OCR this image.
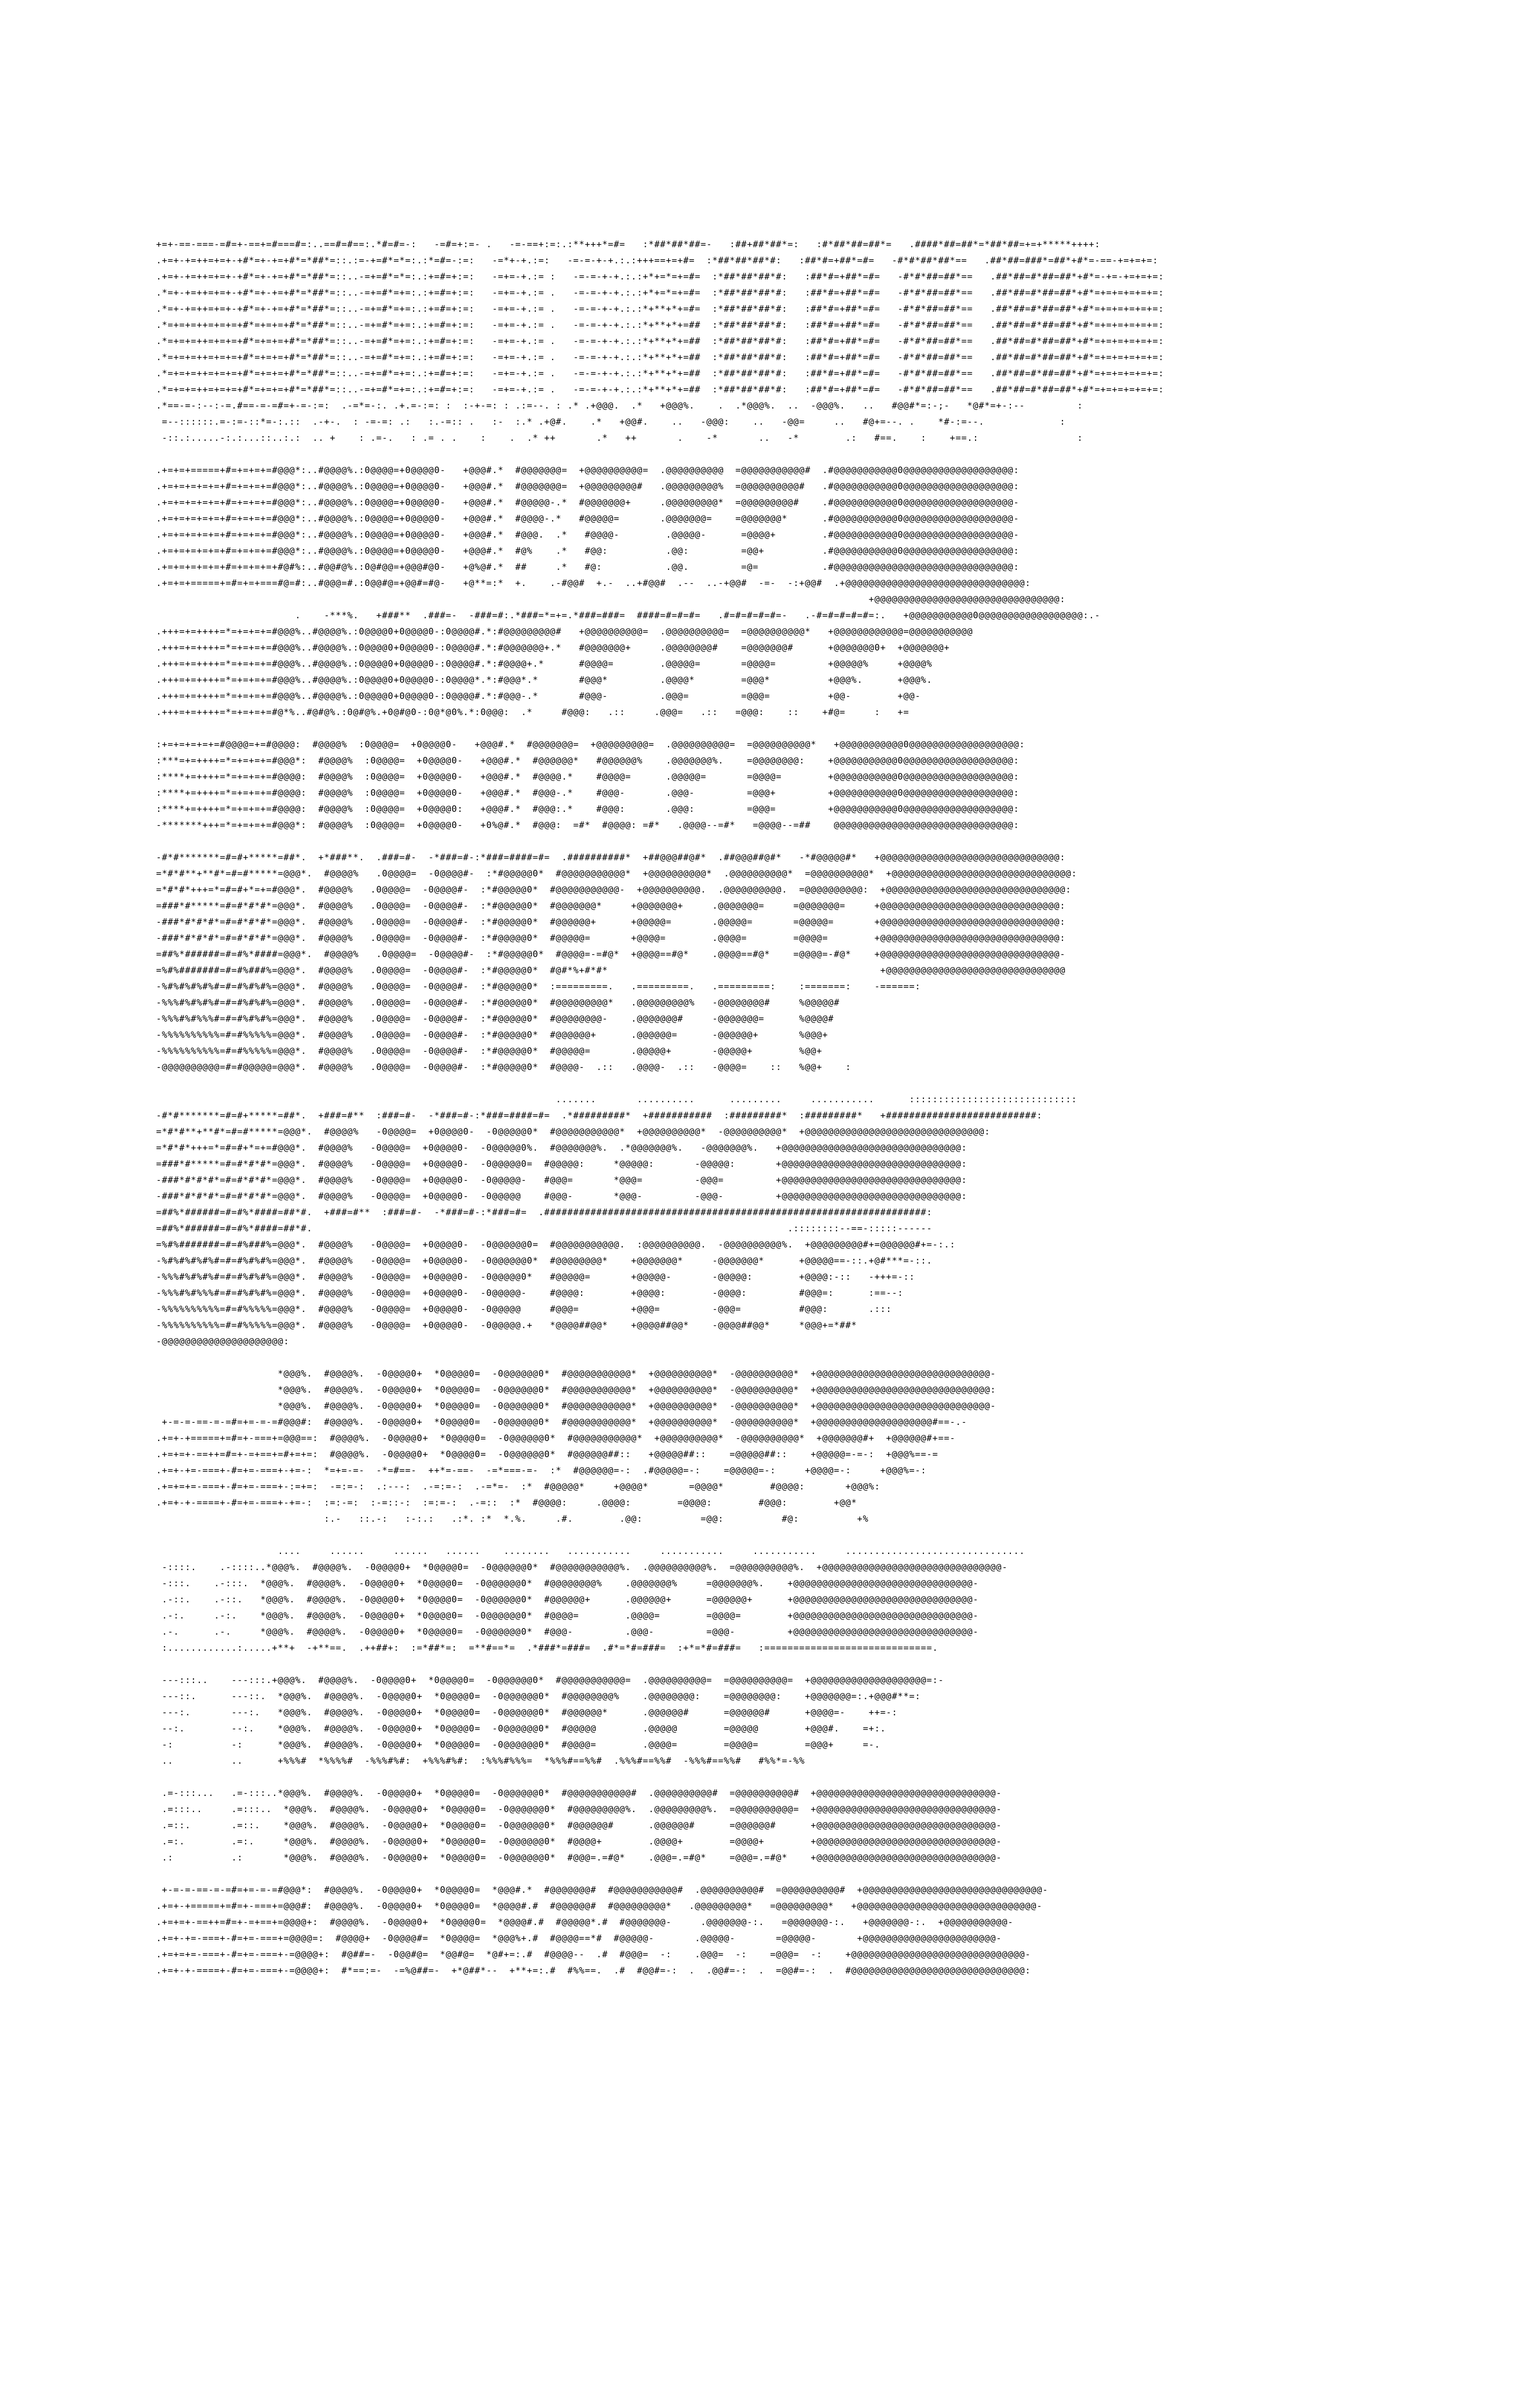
+=+-==-===-=#=+-==+=#===#=:..==#=#==:.*#=#=-:   -=#=+:=- .   -=-==+:=:.:**+++*=#=   :*##*##*##=-   :##+##*##*=:   :#*##*##=##*=   .####*##=##*=*##*##=+=+*****++++:
.+=+-+=++=+=+-+#*=+-+=+#*=*##*=::.:=-+=#*=*=:.:*=#=-:=:   -=*+-+.:=:   -=-=-+-+.:.:+++==+=+#=  :*##*##*##*#:   :##*#=+##*=#=   -#*#*##*##*==   .##*##=###*=##*+#*=-==-+=+=+=:
.+=+-+=++=+=+-+#*=+-+=+#*=*##*=::..-=+=#*=*=:.:+=#=+:=:   -=+=-+.:= :   -=-=-+-+.:.:+*+=*=+=#=  :*##*##*##*#:   :##*#=+##*=#=   -#*#*##=##*==   .##*##=#*##=##*+#*=-+=-+=+=+=:
.*=+-+=++=+=+-+#*=+-+=+#*=*##*=::..-=+=#*=+=:.:+=#=+:=:   -=+=-+.:= .   -=-=-+-+.:.:+*+=*=+=#=  :*##*##*##*#:   :##*#=+##*=#=   -#*#*##=##*==   .##*##=#*##=##*+#*=+=+=+=+=+=:
.*=+-+=++=+=+-+#*=+-+=+#*=*##*=::..-=+=#*=+=:.:+=#=+:=:   -=+=-+.:= .   -=-=-+-+.:.:*+**+*+=#=  :*##*##*##*#:   :##*#=+##*=#=   -#*#*##=##*==   .##*##=#*##=##*+#*=+=+=+=+=+=:
.*=+=+=++=+=+=+#*=+=+=+#*=*##*=::..-=+=#*=+=:.:+=#=+:=:   -=+=-+.:= .   -=-=-+-+.:.:*+**+*+=##  :*##*##*##*#:   :##*#=+##*=#=   -#*#*##=##*==   .##*##=#*##=##*+#*=+=+=+=+=+=:
.*=+=+=++=+=+=+#*=+=+=+#*=*##*=::..-=+=#*=+=:.:+=#=+:=:   -=+=-+.:= .   -=-=-+-+.:.:*+**+*+=##  :*##*##*##*#:   :##*#=+##*=#=   -#*#*##=##*==   .##*##=#*##=##*+#*=+=+=+=+=+=:
.*=+=+=++=+=+=+#*=+=+=+#*=*##*=::..-=+=#*=+=:.:+=#=+:=:   -=+=-+.:= .   -=-=-+-+.:.:*+**+*+=##  :*##*##*##*#:   :##*#=+##*=#=   -#*#*##=##*==   .##*##=#*##=##*+#*=+=+=+=+=+=:
.*=+=+=++=+=+=+#*=+=+=+#*=*##*=::..-=+=#*=+=:.:+=#=+:=:   -=+=-+.:= .   -=-=-+-+.:.:*+**+*+=##  :*##*##*##*#:   :##*#=+##*=#=   -#*#*##=##*==   .##*##=#*##=##*+#*=+=+=+=+=+=:
.*=+=+=++=+=+=+#*=+=+=+#*=*##*=::..-=+=#*=+=:.:+=#=+:=:   -=+=-+.:= .   -=-=-+-+.:.:*+**+*+=##  :*##*##*##*#:   :##*#=+##*=#=   -#*#*##=##*==   .##*##=#*##=##*+#*=+=+=+=+=+=:
.*==-=-:--:-=.#==-=-=#=+-=-:=:  .-=*=-:. .+.=-:=: :  :-+-=: : .:=--. : .* .+@@@.  .*   +@@@%.    .  .*@@@%.  ..  -@@@%.   ..   #@@#*=:-;-   *@#*=+-:--         :
=--::::::.=-:=-::*=-:.::  .-+-.  : -=-=: .:   :.-=:: .   :-  :.* .+@#.    .*   +@@#.    ..   -@@@:    ..   -@@=     ..   #@+=--. .    *#-:=--.             :
-::.:.....-:.:...::..:.:  .. +    : .=-.   : .= . .    :    .  .* ++       .*   ++       .    -*       ..   -*        .:   #==.    :    +==.:                 :
.+=+=+=====+#=+=+=+=#@@@*:..#@@@@%.:0@@@@=+0@@@@0-   +@@@#.*  #@@@@@@@=  +@@@@@@@@@@=  .@@@@@@@@@@  =@@@@@@@@@@@#  .#@@@@@@@@@@@0@@@@@@@@@@@@@@@@@@@:
.+=+=+=+=+=+#=+=+=+=#@@@*:..#@@@@%.:0@@@@=+0@@@@0-   +@@@#.*  #@@@@@@@=  +@@@@@@@@@#   .@@@@@@@@@%  =@@@@@@@@@@#   .#@@@@@@@@@@@0@@@@@@@@@@@@@@@@@@@:
.+=+=+=+=+=+#=+=+=+=#@@@*:..#@@@@%.:0@@@@=+0@@@@0-   +@@@#.*  #@@@@@-.*  #@@@@@@@+     .@@@@@@@@@*  =@@@@@@@@@#    .#@@@@@@@@@@@0@@@@@@@@@@@@@@@@@@@-
.+=+=+=+=+=+#=+=+=+=#@@@*:..#@@@@%.:0@@@@=+0@@@@0-   +@@@#.*  #@@@@-.*   #@@@@@=       .@@@@@@@=    =@@@@@@@*      .#@@@@@@@@@@@0@@@@@@@@@@@@@@@@@@@-
.+=+=+=+=+=+#=+=+=+=#@@@*:..#@@@@%.:0@@@@=+0@@@@0-   +@@@#.*  #@@@.  .*   #@@@@-        .@@@@@-      =@@@@+        .#@@@@@@@@@@@0@@@@@@@@@@@@@@@@@@@-
.+=+=+=+=+=+#=+=+=+=#@@@*:..#@@@@%.:0@@@@=+0@@@@0-   +@@@#.*  #@%    .*   #@@:          .@@:         =@@+          .#@@@@@@@@@@@0@@@@@@@@@@@@@@@@@@@:
.+=+=+=+=+=+#=+=+=+=+#@#%:..#@@#@%.:0@#@@=+@@@#@0-   +@%@#.*  ##     .*   #@:           .@@.         =@=           .#@@@@@@@@@@@@@@@@@@@@@@@@@@@@@@@:
.+=+=+=====+=#=+=+===#@=#:..#@@@=#.:0@@#@=+@@#=#@-   +@**=:*  +.    .-#@@#  +.-  ..+#@@#  .--  ..-+@@#  -=-  -:+@@#  .+@@@@@@@@@@@@@@@@@@@@@@@@@@@@@@@:
+@@@@@@@@@@@@@@@@@@@@@@@@@@@@@@@@:
.    -***%.   +###**  .###=-  -###=#:.*###=*=+=.*###=###=  ####=#=#=#=   .#=#=#=#=#=-   .-#=#=#=#=#=:.   +@@@@@@@@@@@0@@@@@@@@@@@@@@@@@@:.-
.+++=+=++++=*=+=+=+=#@@@%..#@@@@%.:0@@@@0+0@@@@0-:0@@@@#.*:#@@@@@@@@@#   +@@@@@@@@@@=  .@@@@@@@@@@=  =@@@@@@@@@@*   +@@@@@@@@@@@@=@@@@@@@@@@@
.+++=+=++++=*=+=+=+=#@@@%..#@@@@%.:0@@@@0+0@@@@0-:0@@@@#.*:#@@@@@@@+.*   #@@@@@@@+     .@@@@@@@@#    =@@@@@@@#      +@@@@@@@0+  +@@@@@@@+
.+++=+=++++=*=+=+=+=#@@@%..#@@@@%.:0@@@@0+0@@@@0-:0@@@@#.*:#@@@@+.*      #@@@@=        .@@@@@=       =@@@@=         +@@@@@%     +@@@@%
.+++=+=++++=*=+=+=+=#@@@%..#@@@@%.:0@@@@0+0@@@@0-:0@@@@*.*:#@@@*.*       #@@@*         .@@@@*        =@@@*          +@@@%.      +@@@%.
.+++=+=++++=*=+=+=+=#@@@%..#@@@@%.:0@@@@0+0@@@@0-:0@@@@#.*:#@@@-.*       #@@@-         .@@@=         =@@@=          +@@-        +@@-
.+++=+=++++=*=+=+=+=#@*%..#@#@%.:0@#@%.+0@#@0-:0@*@0%.*:0@@@:  .*     #@@@:   .::     .@@@=   .::   =@@@:    ::    +#@=     :   +=
:+=+=+=+=+=#@@@@=+=#@@@@:  #@@@@%  :0@@@@=  +0@@@@0-   +@@@#.*  #@@@@@@@=  +@@@@@@@@@=  .@@@@@@@@@@=  =@@@@@@@@@@*   +@@@@@@@@@@@0@@@@@@@@@@@@@@@@@@@:
:***=+=++++=*=+=+=+=#@@@*:  #@@@@%  :0@@@@=  +0@@@@0-   +@@@#.*  #@@@@@@*   #@@@@@@%    .@@@@@@@%.    =@@@@@@@@:    +@@@@@@@@@@@0@@@@@@@@@@@@@@@@@@@:
:****+=++++=*=+=+=+=#@@@@:  #@@@@%  :0@@@@=  +0@@@@0-   +@@@#.*  #@@@@.*    #@@@@=      .@@@@@=       =@@@@=        +@@@@@@@@@@@0@@@@@@@@@@@@@@@@@@@:
:****+=++++=*=+=+=+=#@@@@:  #@@@@%  :0@@@@=  +0@@@@0-   +@@@#.*  #@@@-.*    #@@@-       .@@@-         =@@@+         +@@@@@@@@@@@0@@@@@@@@@@@@@@@@@@@:
:****+=++++=*=+=+=+=#@@@@:  #@@@@%  :0@@@@=  +0@@@@0:   +@@@#.*  #@@@:.*    #@@@:       .@@@:         =@@@=         +@@@@@@@@@@@0@@@@@@@@@@@@@@@@@@@:
-*******+++=*=+=+=+=#@@@*:  #@@@@%  :0@@@@=  +0@@@@0-   +0%@#.*  #@@@:  =#*  #@@@@: =#*   .@@@@--=#*   =@@@@--=##    @@@@@@@@@@@@@@@@@@@@@@@@@@@@@@@:
-#*#*******=#=#+*****=##*.  +*###**.  .###=#-  -*###=#-:*###=####=#=  .##########*  +##@@@##@#*  .##@@@##@#*   -*#@@@@@#*   +@@@@@@@@@@@@@@@@@@@@@@@@@@@@@@@:
=*#*#**+**#*=#=#*****=@@@*.  #@@@@%   .0@@@@=  -0@@@@#-  :*#@@@@@0*  #@@@@@@@@@@@*  +@@@@@@@@@@*  .@@@@@@@@@@*  =@@@@@@@@@@*  +@@@@@@@@@@@@@@@@@@@@@@@@@@@@@@@:
=*#*#*+++=*=#=#+*=+=#@@@*.  #@@@@%   .0@@@@=  -0@@@@#-  :*#@@@@@0*  #@@@@@@@@@@@-  +@@@@@@@@@@.  .@@@@@@@@@@.  =@@@@@@@@@@:  +@@@@@@@@@@@@@@@@@@@@@@@@@@@@@@@:
=###*#*****=#=#*#*#*=@@@*.  #@@@@%   .0@@@@=  -0@@@@#-  :*#@@@@@0*  #@@@@@@@*     +@@@@@@@+     .@@@@@@@=     =@@@@@@@=     +@@@@@@@@@@@@@@@@@@@@@@@@@@@@@@@:
-###*#*#*#*=#=#*#*#*=@@@*.  #@@@@%   .0@@@@=  -0@@@@#-  :*#@@@@@0*  #@@@@@@+      +@@@@@=       .@@@@@=       =@@@@@=       +@@@@@@@@@@@@@@@@@@@@@@@@@@@@@@@:
-###*#*#*#*=#=#*#*#*=@@@*.  #@@@@%   .0@@@@=  -0@@@@#-  :*#@@@@@0*  #@@@@@=       +@@@@=        .@@@@=        =@@@@=        +@@@@@@@@@@@@@@@@@@@@@@@@@@@@@@@:
=##%*######=#=#%*####=@@@*.  #@@@@%   .0@@@@=  -0@@@@#-  :*#@@@@@0*  #@@@@=-=#@*  +@@@@==#@*    .@@@@==#@*    =@@@@=-#@*    +@@@@@@@@@@@@@@@@@@@@@@@@@@@@@@@-
=%#%#######=#=#%###%=@@@*.  #@@@@%   .0@@@@=  -0@@@@#-  :*#@@@@@0*  #@#*%+#*#*                                               +@@@@@@@@@@@@@@@@@@@@@@@@@@@@@@@
-%#%#%#%#%#=#=#%#%#%=@@@*.  #@@@@%   .0@@@@=  -0@@@@#-  :*#@@@@@0*  :=========.   .=========.   .=========:    :=======:    -======:
-%%%#%#%#%#=#=#%#%#%=@@@*.  #@@@@%   .0@@@@=  -0@@@@#-  :*#@@@@@0*  #@@@@@@@@@*   .@@@@@@@@@%   -@@@@@@@@#     %@@@@@#
-%%%#%#%%%#=#=#%#%#%=@@@*.  #@@@@%   .0@@@@=  -0@@@@#-  :*#@@@@@0*  #@@@@@@@@-    .@@@@@@@#     -@@@@@@@=      %@@@@#
-%%%%%%%%%%=#=#%%%%%=@@@*.  #@@@@%   .0@@@@=  -0@@@@#-  :*#@@@@@0*  #@@@@@@+      .@@@@@@=      -@@@@@@+       %@@@+
-%%%%%%%%%%=#=#%%%%%=@@@*.  #@@@@%   .0@@@@=  -0@@@@#-  :*#@@@@@0*  #@@@@@=       .@@@@@+       -@@@@@+        %@@+
-@@@@@@@@@@=#=#@@@@@=@@@*.  #@@@@%   .0@@@@=  -0@@@@#-  :*#@@@@@0*  #@@@@-  .::   .@@@@-  .::   -@@@@=    ::   %@@+    :
.......       ..........      .........     ...........      :::::::::::::::::::::::::::::
-#*#*******=#=#+*****=##*.  +###=#**  :###=#-  -*###=#-:*###=####=#=  .*#########*  +###########  :#########*  :#########*   +##########################:
=*#*#**+**#*=#=#*****=@@@*.  #@@@@%   -0@@@@=  +0@@@@0-  -0@@@@@0*  #@@@@@@@@@@@*  +@@@@@@@@@@*  -@@@@@@@@@@*  +@@@@@@@@@@@@@@@@@@@@@@@@@@@@@@@:
=*#*#*+++=*=#=#+*=+=#@@@*.  #@@@@%   -0@@@@=  +0@@@@0-  -0@@@@@0%.  #@@@@@@@%.  .*@@@@@@@%.   -@@@@@@@%.   +@@@@@@@@@@@@@@@@@@@@@@@@@@@@@@@:
=###*#*****=#=#*#*#*=@@@*.  #@@@@%   -0@@@@=  +0@@@@0-  -0@@@@@0=  #@@@@@:     *@@@@@:       -@@@@@:       +@@@@@@@@@@@@@@@@@@@@@@@@@@@@@@@:
-###*#*#*#*=#=#*#*#*=@@@*.  #@@@@%   -0@@@@=  +0@@@@0-  -0@@@@@-   #@@@=       *@@@=         -@@@=         +@@@@@@@@@@@@@@@@@@@@@@@@@@@@@@@:
-###*#*#*#*=#=#*#*#*=@@@*.  #@@@@%   -0@@@@=  +0@@@@0-  -0@@@@@    #@@@-       *@@@-         -@@@-         +@@@@@@@@@@@@@@@@@@@@@@@@@@@@@@@:
=##%*######=#=#%*####=##*#.  +###=#**  :###=#-  -*###=#-:*###=#=  .##################################################################:
=##%*######=#=#%*####=##*#.                                                                                  .::::::::--==-:::::------
=%#%#######=#=#%###%=@@@*.  #@@@@%   -0@@@@=  +0@@@@0-  -0@@@@@@0=  #@@@@@@@@@@@.  :@@@@@@@@@@.  -@@@@@@@@@@%.  +@@@@@@@@@#+=@@@@@@#+=-:.:
-%#%#%#%#%#=#=#%#%#%=@@@*.  #@@@@%   -0@@@@=  +0@@@@0-  -0@@@@@@0*  #@@@@@@@@*    +@@@@@@@*     -@@@@@@@*      +@@@@@==-::.+@#***=-::.
-%%%#%#%#%#=#=#%#%#%=@@@*.  #@@@@%   -0@@@@=  +0@@@@0-  -0@@@@@0*   #@@@@@=       +@@@@@-       -@@@@@:        +@@@@:-::   -+++=-::
-%%%#%#%%%#=#=#%#%#%=@@@*.  #@@@@%   -0@@@@=  +0@@@@0-  -0@@@@@-    #@@@@:        +@@@@:        -@@@@:         #@@@=:      :==--:
-%%%%%%%%%%=#=#%%%%%=@@@*.  #@@@@%   -0@@@@=  +0@@@@0-  -0@@@@@     #@@@=         +@@@=         -@@@=          #@@@:       .:::
-%%%%%%%%%%=#=#%%%%%=@@@*.  #@@@@%   -0@@@@=  +0@@@@0-  -0@@@@@.+   *@@@@##@@*    +@@@@##@@*    -@@@@##@@*     *@@@+=*##*
-@@@@@@@@@@@@@@@@@@@@@:
*@@@%.  #@@@@%.  -0@@@@0+  *0@@@@0=  -0@@@@@@0*  #@@@@@@@@@@@*  +@@@@@@@@@@*  -@@@@@@@@@@*  +@@@@@@@@@@@@@@@@@@@@@@@@@@@@@@-
*@@@%.  #@@@@%.  -0@@@@0+  *0@@@@0=  -0@@@@@@0*  #@@@@@@@@@@@*  +@@@@@@@@@@*  -@@@@@@@@@@*  +@@@@@@@@@@@@@@@@@@@@@@@@@@@@@@:
*@@@%.  #@@@@%.  -0@@@@0+  *0@@@@0=  -0@@@@@@0*  #@@@@@@@@@@@*  +@@@@@@@@@@*  -@@@@@@@@@@*  +@@@@@@@@@@@@@@@@@@@@@@@@@@@@@@-
+-=-=-==-=-=#=+=-=-=#@@@#:  #@@@@%.  -0@@@@0+  *0@@@@0=  -0@@@@@@0*  #@@@@@@@@@@@*  +@@@@@@@@@@*  -@@@@@@@@@@*  +@@@@@@@@@@@@@@@@@@@@#==-.-
.+=+-+=====+=#=+-===+=@@@==:  #@@@@%.  -0@@@@0+  *0@@@@0=  -0@@@@@@0*  #@@@@@@@@@@@*  +@@@@@@@@@@*  -@@@@@@@@@@*  +@@@@@@@#+  +@@@@@@#+==-
.+=+=+-==++=#=+-=+==+=#+=+=:  #@@@@%.  -0@@@@0+  *0@@@@0=  -0@@@@@@0*  #@@@@@@##::   +@@@@@##::    =@@@@@##::    +@@@@@=-=-:  +@@@%==-=
.+=+-+=-===+-#=+=-===+-+=-:  *=+=-=-  -*=#==-  ++*=-==-  -=*===-=-  :*  #@@@@@@=-:  .#@@@@@=-:    =@@@@@=-:     +@@@@=-:     +@@@%=-:
.+=+=+=-===+-#=+=-===+-:=+=:  -=:=-:  .:---:  .-=:=-:  .-=*=-  :*  #@@@@@*     +@@@@*       =@@@@*        #@@@@:       +@@@%:
.+=+-+-====+-#=+=-===+-+=-:  :=:-=:  :-=::-:  :=:=-:  .-=::  :*  #@@@@:     .@@@@:        =@@@@:        #@@@:        +@@*
:.-   ::.-:   :-:.:   .:*. :*  *.%.     .#.        .@@:          =@@:          #@:          +%
....     ......     ......   ......    ........   ...........     ...........     ...........     ...............................
-::::.    .-::::..*@@@%.  #@@@@%.  -0@@@@0+  *0@@@@0=  -0@@@@@@0*  #@@@@@@@@@@@%.  .@@@@@@@@@@%.  =@@@@@@@@@@%.  +@@@@@@@@@@@@@@@@@@@@@@@@@@@@@@@-
-:::.    .-:::.  *@@@%.  #@@@@%.  -0@@@@0+  *0@@@@0=  -0@@@@@@0*  #@@@@@@@@%    .@@@@@@@%     =@@@@@@@%.    +@@@@@@@@@@@@@@@@@@@@@@@@@@@@@@@-
.-::.    .-::.   *@@@%.  #@@@@%.  -0@@@@0+  *0@@@@0=  -0@@@@@@0*  #@@@@@@+      .@@@@@@+      =@@@@@@+      +@@@@@@@@@@@@@@@@@@@@@@@@@@@@@@@-
.-:.     .-:.    *@@@%.  #@@@@%.  -0@@@@0+  *0@@@@0=  -0@@@@@@0*  #@@@@=        .@@@@=        =@@@@=        +@@@@@@@@@@@@@@@@@@@@@@@@@@@@@@@-
.-.      .-.     *@@@%.  #@@@@%.  -0@@@@0+  *0@@@@0=  -0@@@@@@0*  #@@@-         .@@@-         =@@@-         +@@@@@@@@@@@@@@@@@@@@@@@@@@@@@@@-
:............:.....+**+  -+**==.  .++##+:  :=*##*=:  =**#==*=  .*###*=###=  .#*=*#=###=  :+*=*#=###=   :=============================.
---:::..    ---:::.+@@@%.  #@@@@%.  -0@@@@0+  *0@@@@0=  -0@@@@@@0*  #@@@@@@@@@@@=  .@@@@@@@@@@=  =@@@@@@@@@@=  +@@@@@@@@@@@@@@@@@@@@=:-
---::.      ---::.  *@@@%.  #@@@@%.  -0@@@@0+  *0@@@@0=  -0@@@@@@0*  #@@@@@@@@%    .@@@@@@@@:    =@@@@@@@@:    +@@@@@@@=:.+@@@#**=:
---:.       ---:.   *@@@%.  #@@@@%.  -0@@@@0+  *0@@@@0=  -0@@@@@@0*  #@@@@@@*      .@@@@@@#      =@@@@@@#      +@@@@=-    ++=-:
--:.        --:.    *@@@%.  #@@@@%.  -0@@@@0+  *0@@@@0=  -0@@@@@@0*  #@@@@@        .@@@@@        =@@@@@        +@@@#.    =+:.
-:          -:      *@@@%.  #@@@@%.  -0@@@@0+  *0@@@@0=  -0@@@@@@0*  #@@@@=        .@@@@=        =@@@@=        =@@@+     =-.
..          ..      +%%%#  *%%%%#  -%%%#%#:  +%%%#%#:  :%%%#%%%=  *%%%#==%%#  .%%%#==%%#  -%%%#==%%#   #%%*=-%%
.=-:::...   .=-:::..*@@@%.  #@@@@%.  -0@@@@0+  *0@@@@0=  -0@@@@@@0*  #@@@@@@@@@@@#  .@@@@@@@@@@#  =@@@@@@@@@@#  +@@@@@@@@@@@@@@@@@@@@@@@@@@@@@@@-
.=:::..     .=:::..  *@@@%.  #@@@@%.  -0@@@@0+  *0@@@@0=  -0@@@@@@0*  #@@@@@@@@@%.  .@@@@@@@@@%.  =@@@@@@@@@@=  +@@@@@@@@@@@@@@@@@@@@@@@@@@@@@@@-
.=::.       .=::.    *@@@%.  #@@@@%.  -0@@@@0+  *0@@@@0=  -0@@@@@@0*  #@@@@@@#      .@@@@@@#      =@@@@@@#      +@@@@@@@@@@@@@@@@@@@@@@@@@@@@@@@-
.=:.        .=:.     *@@@%.  #@@@@%.  -0@@@@0+  *0@@@@0=  -0@@@@@@0*  #@@@@+        .@@@@+        =@@@@+        +@@@@@@@@@@@@@@@@@@@@@@@@@@@@@@@-
.:          .:       *@@@%.  #@@@@%.  -0@@@@0+  *0@@@@0=  -0@@@@@@0*  #@@@=.=#@*    .@@@=.=#@*    =@@@=.=#@*    +@@@@@@@@@@@@@@@@@@@@@@@@@@@@@@@-
+-=-=-==-=-=#=+=-=-=#@@@*:  #@@@@%.  -0@@@@0+  *0@@@@0=  *@@@#.*  #@@@@@@@#  #@@@@@@@@@@@#  .@@@@@@@@@@#  =@@@@@@@@@@#  +@@@@@@@@@@@@@@@@@@@@@@@@@@@@@@@-
.+=+-+=====+=#=+-===+=@@@#:  #@@@@%.  -0@@@@0+  *0@@@@0=  *@@@@#.#  #@@@@@@#  #@@@@@@@@@*   .@@@@@@@@@*   =@@@@@@@@@*   +@@@@@@@@@@@@@@@@@@@@@@@@@@@@@@@-
.+=+=+-==++=#=+-=+==+=@@@@+:  #@@@@%.  -0@@@@0+  *0@@@@0=  *@@@@#.#  #@@@@@*.#  #@@@@@@@-     .@@@@@@@-:.   =@@@@@@@-:.   +@@@@@@@-:.  +@@@@@@@@@@@-
.+=+-+=-===+-#=+=-===+=@@@@=:  #@@@@+  -0@@@@#=  *0@@@@=  *@@@%+.#  #@@@@==*#  #@@@@@-       .@@@@@-       =@@@@@-       +@@@@@@@@@@@@@@@@@@@@@@@-
.+=+=+=-===+-#=+=-===+-=@@@@+:  #@##=-  -0@@#@=  *@@#@=  *@#+=:.#  #@@@@--  .#  #@@@=  -:    .@@@=  -:    =@@@=  -:    +@@@@@@@@@@@@@@@@@@@@@@@@@@@@@@-
.+=+-+-====+-#=+=-===+-=@@@@+:  #*==:=-  -=%@##=-  +*@##*--  +**+=:.#  #%%==.  .#  #@@#=-:  .  .@@#=-:  .  =@@#=-:  .  #@@@@@@@@@@@@@@@@@@@@@@@@@@@@@@:
